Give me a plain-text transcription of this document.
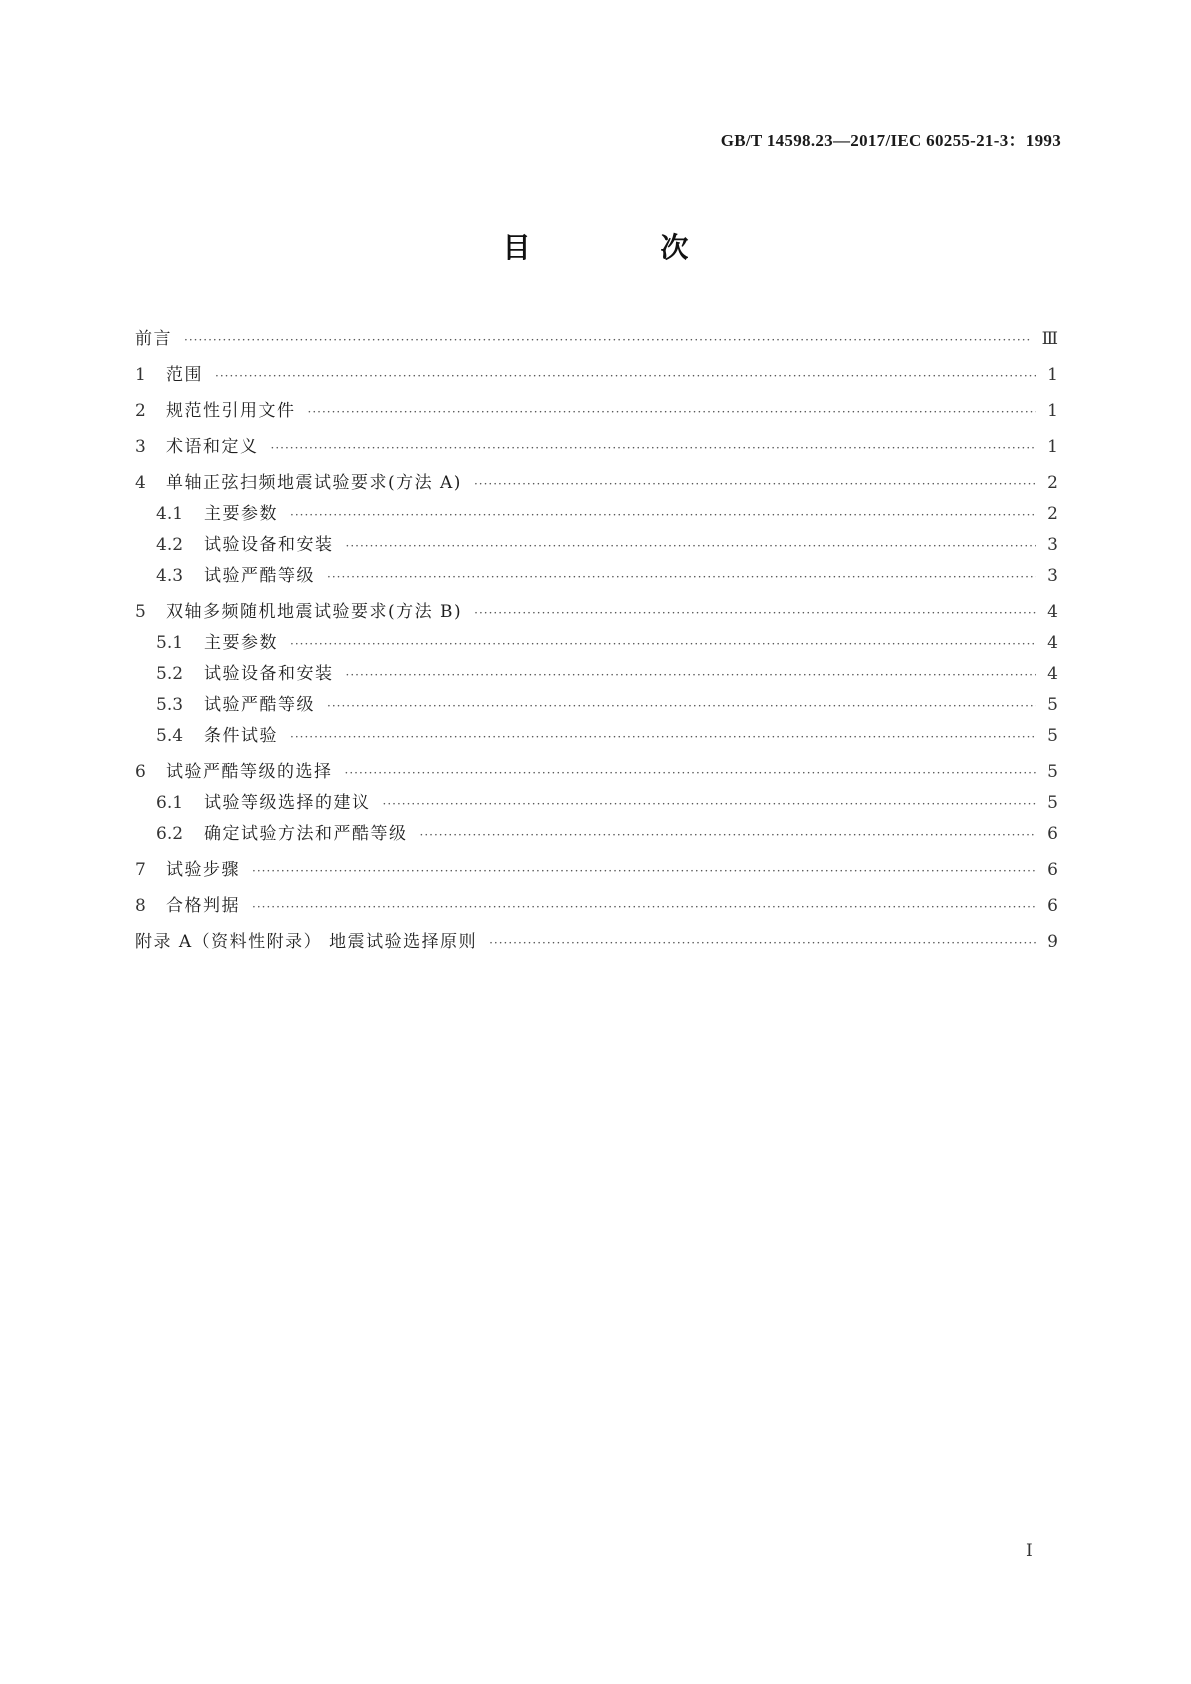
GB/T 14598.23—2017/IEC 60255-21-3：1993
目 次
前言 ·····	Ⅲ
1	范围 ·····	1
2	规范性引用文件 ·····	1
3	术语和定义 ·····	1
4	单轴正弦扫频地震试验要求(方法 A) ·····	2
4.1	主要参数 ·····	2
4.2	试验设备和安装 ·····	3
4.3	试验严酷等级 ·····	3
5	双轴多频随机地震试验要求(方法 B) ·····	4
5.1	主要参数 ·····	4
5.2	试验设备和安装 ·····	4
5.3	试验严酷等级 ·····	5
5.4	条件试验 ·····	5
6	试验严酷等级的选择 ·····	5
6.1	试验等级选择的建议 ·····	5
6.2	确定试验方法和严酷等级 ·····	6
7	试验步骤 ·····	6
8	合格判据 ·····	6
附录 A（资料性附录） 地震试验选择原则 ·····	9
I
